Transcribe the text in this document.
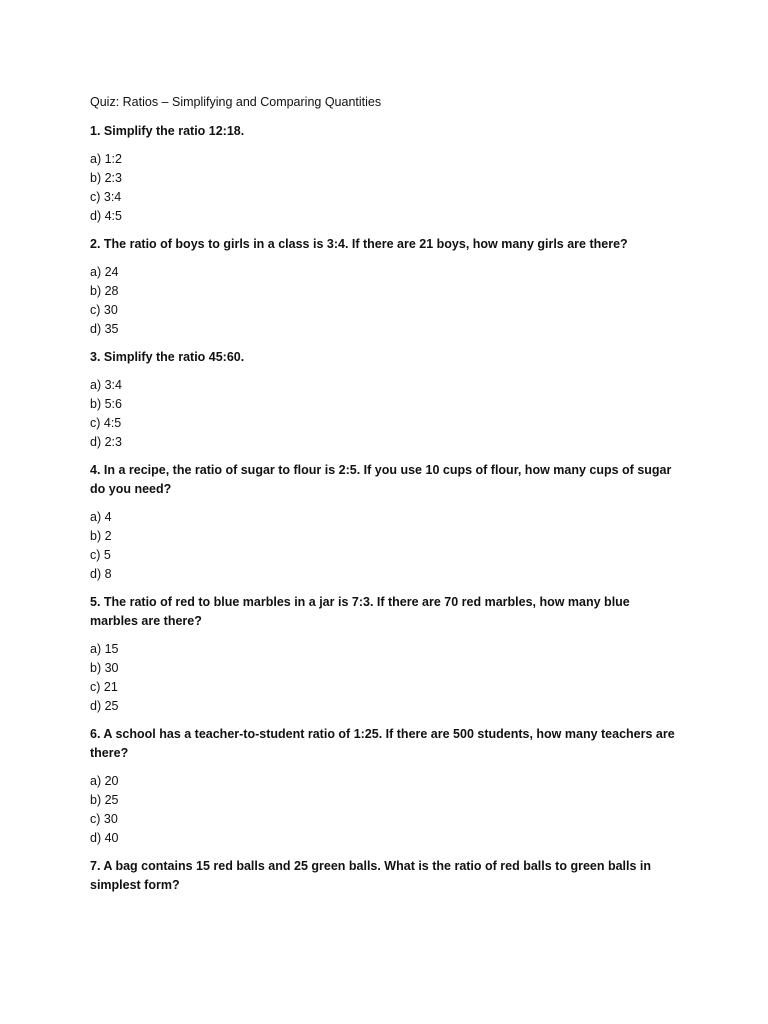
Quiz: Ratios – Simplifying and Comparing Quantities

1. Simplify the ratio 12:18.

a) 1:2
b) 2:3
c) 3:4
d) 4:5

2. The ratio of boys to girls in a class is 3:4. If there are 21 boys, how many girls are there?

a) 24
b) 28
c) 30
d) 35

3. Simplify the ratio 45:60.

a) 3:4
b) 5:6
c) 4:5
d) 2:3

4. In a recipe, the ratio of sugar to flour is 2:5. If you use 10 cups of flour, how many cups of sugar do you need?

a) 4
b) 2
c) 5
d) 8

5. The ratio of red to blue marbles in a jar is 7:3. If there are 70 red marbles, how many blue marbles are there?

a) 15
b) 30
c) 21
d) 25

6. A school has a teacher-to-student ratio of 1:25. If there are 500 students, how many teachers are there?

a) 20
b) 25
c) 30
d) 40

7. A bag contains 15 red balls and 25 green balls. What is the ratio of red balls to green balls in simplest form?
